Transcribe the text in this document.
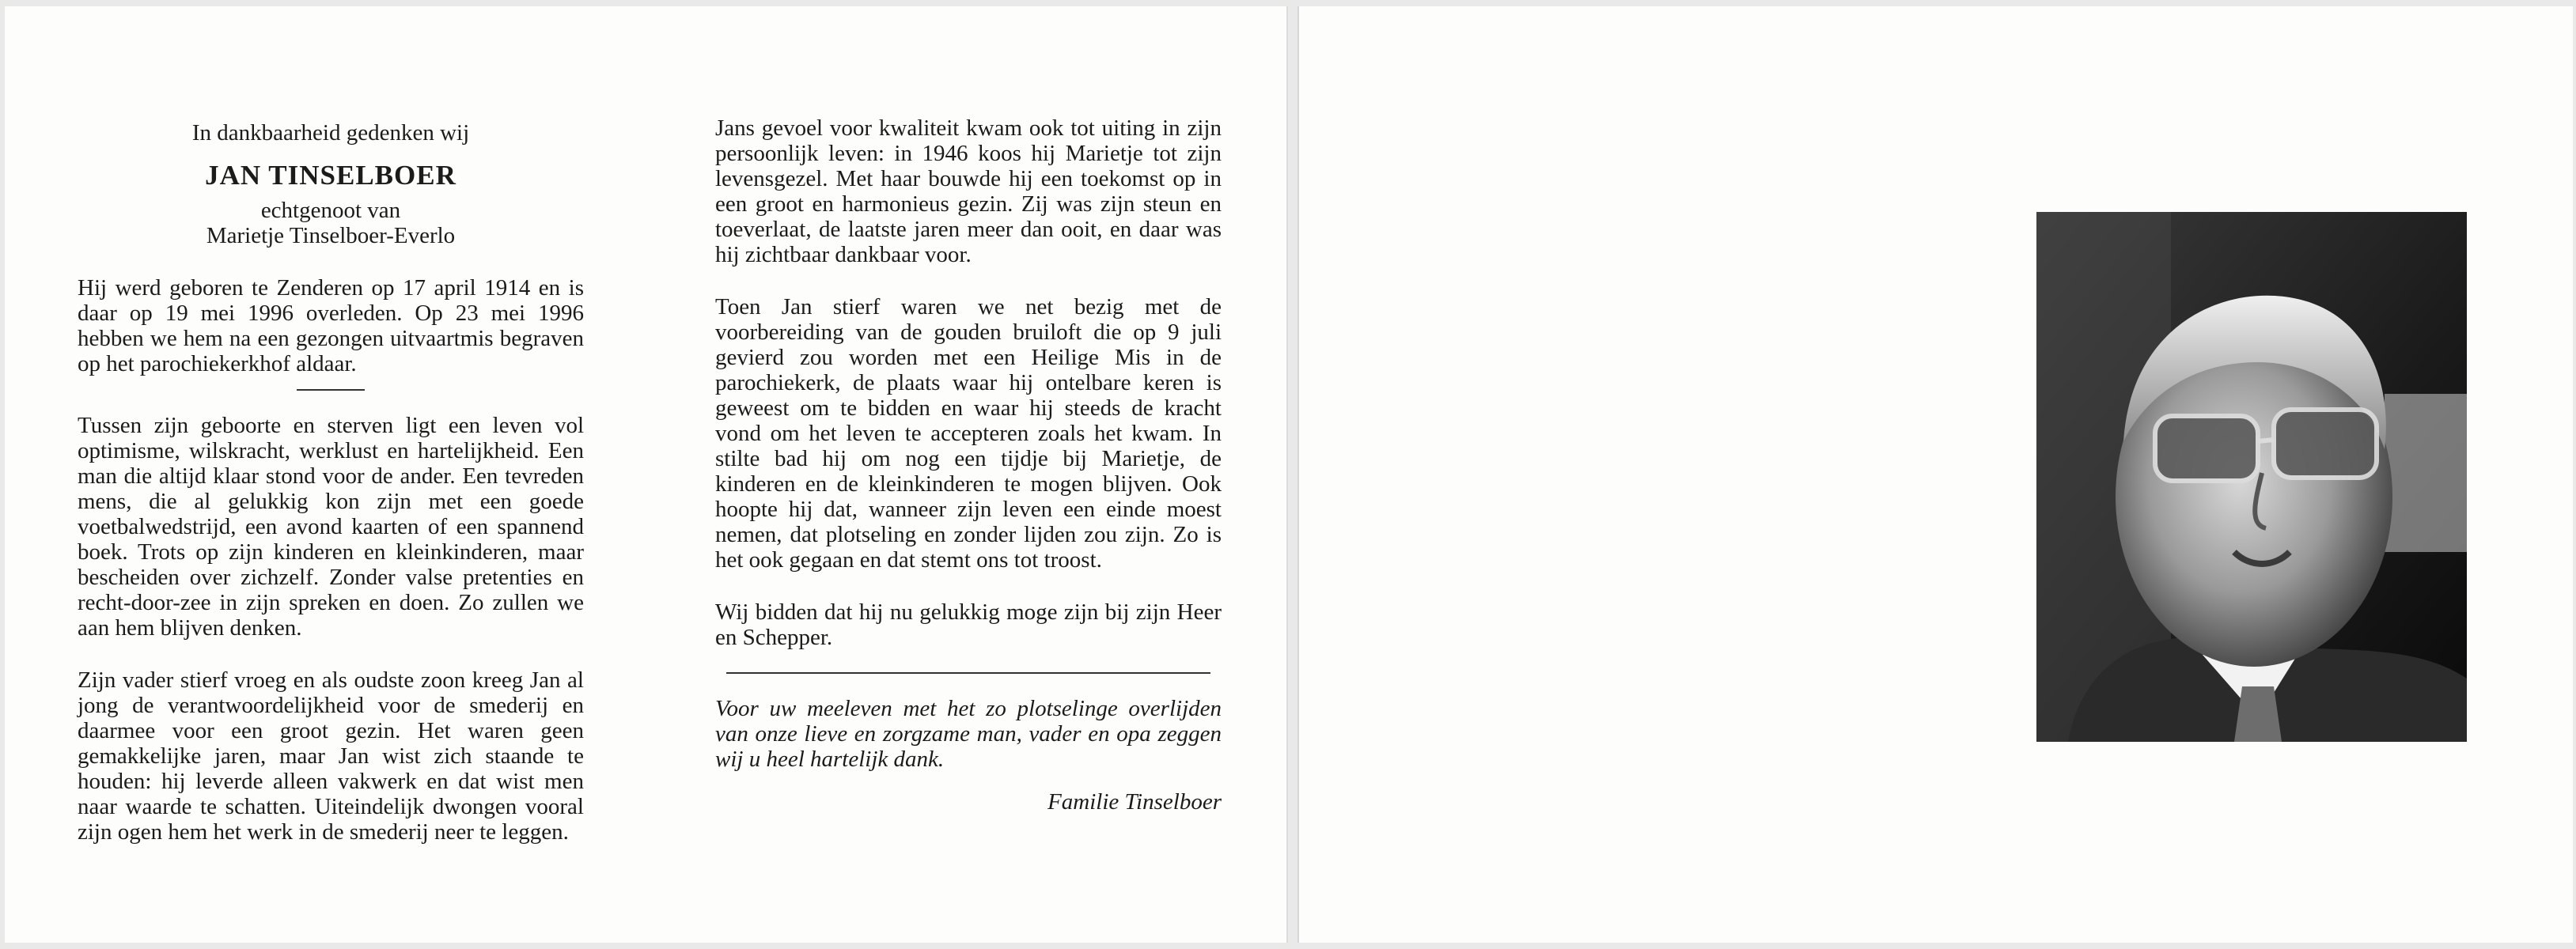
In dankbaarheid gedenken wij
JAN TINSELBOER
echtgenoot van
Marietje Tinselboer-Everlo

Hij werd geboren te Zenderen op 17 april 1914 en is daar op 19 mei 1996 overleden. Op 23 mei 1996 hebben we hem na een gezongen uitvaartmis begraven op het parochiekerkhof aldaar.

Tussen zijn geboorte en sterven ligt een leven vol optimisme, wilskracht, werklust en hartelijkheid. Een man die altijd klaar stond voor de ander. Een tevreden mens, die al gelukkig kon zijn met een goede voetbalwedstrijd, een avond kaarten of een spannend boek. Trots op zijn kinderen en kleinkinderen, maar bescheiden over zichzelf. Zonder valse pretenties en recht-door-zee in zijn spreken en doen. Zo zullen we aan hem blijven denken.

Zijn vader stierf vroeg en als oudste zoon kreeg Jan al jong de verantwoordelijkheid voor de smederij en daarmee voor een groot gezin. Het waren geen gemakkelijke jaren, maar Jan wist zich staande te houden: hij leverde alleen vakwerk en dat wist men naar waarde te schatten. Uiteindelijk dwongen vooral zijn ogen hem het werk in de smederij neer te leggen.

Jans gevoel voor kwaliteit kwam ook tot uiting in zijn persoonlijk leven: in 1946 koos hij Marietje tot zijn levensgezel. Met haar bouwde hij een toekomst op in een groot en harmonieus gezin. Zij was zijn steun en toeverlaat, de laatste jaren meer dan ooit, en daar was hij zichtbaar dankbaar voor.

Toen Jan stierf waren we net bezig met de voorbereiding van de gouden bruiloft die op 9 juli gevierd zou worden met een Heilige Mis in de parochiekerk, de plaats waar hij ontelbare keren is geweest om te bidden en waar hij steeds de kracht vond om het leven te accepteren zoals het kwam. In stilte bad hij om nog een tijdje bij Marietje, de kinderen en de kleinkinderen te mogen blijven. Ook hoopte hij dat, wanneer zijn leven een einde moest nemen, dat plotseling en zonder lijden zou zijn. Zo is het ook gegaan en dat stemt ons tot troost.

Wij bidden dat hij nu gelukkig moge zijn bij zijn Heer en Schepper.

Voor uw meeleven met het zo plotselinge overlijden van onze lieve en zorgzame man, vader en opa zeggen wij u heel hartelijk dank.

Familie Tinselboer
